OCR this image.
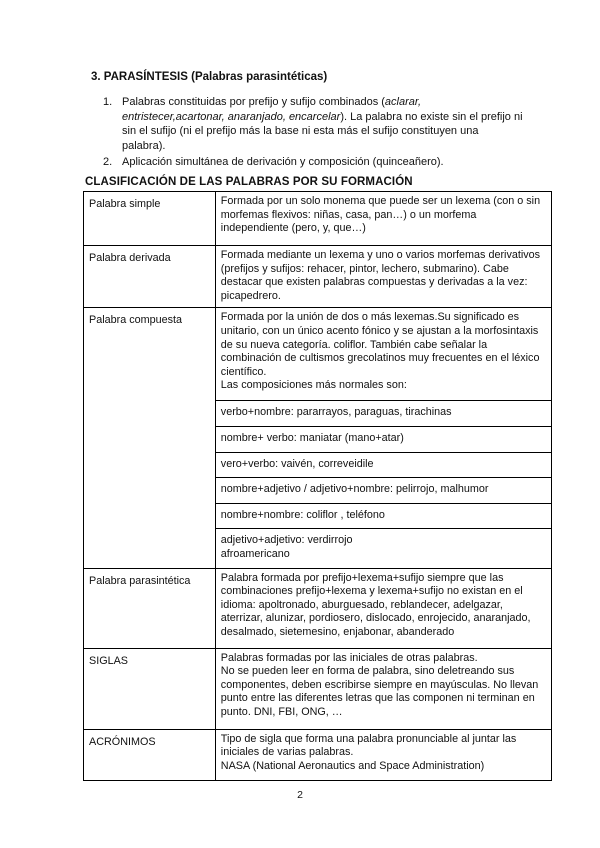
3. PARASÍNTESIS (Palabras parasintéticas)
1. Palabras constituidas por prefijo y sufijo combinados (aclarar, entristecer,acartonar, anaranjado, encarcelar). La palabra no existe sin el prefijo ni sin el sufijo (ni el prefijo más la base ni esta más el sufijo constituyen una palabra).
2. Aplicación simultánea de derivación y composición (quinceañero).
CLASIFICACIÓN DE LAS PALABRAS POR SU FORMACIÓN
Palabra simple	Formada por un solo monema que puede ser un lexema (con o sin morfemas flexivos: niñas, casa, pan…) o un morfema independiente (pero, y, que…)
Palabra derivada	Formada mediante un lexema y uno o varios morfemas derivativos (prefijos y sufijos: rehacer, pintor, lechero, submarino). Cabe destacar que existen palabras compuestas y derivadas a la vez: picapedrero.
Palabra compuesta	Formada por la unión de dos o más lexemas.Su significado es unitario, con un único acento fónico y se ajustan a la morfosintaxis de su nueva categoría. coliflor. También cabe señalar la combinación de cultismos grecolatinos muy frecuentes en el léxico científico.
Las composiciones más normales son:
	verbo+nombre: pararrayos, paraguas, tirachinas
	nombre+ verbo: maniatar (mano+atar)
	vero+verbo: vaivén, correveidile
	nombre+adjetivo / adjetivo+nombre: pelirrojo, malhumor
	nombre+nombre: coliflor , teléfono
	adjetivo+adjetivo: verdirrojo
afroamericano
Palabra parasintética	Palabra formada por prefijo+lexema+sufijo siempre que las combinaciones prefijo+lexema y lexema+sufijo no existan en el idioma: apoltronado, aburguesado, reblandecer, adelgazar, aterrizar, alunizar, pordiosero, dislocado, enrojecido, anaranjado, desalmado, sietemesino, enjabonar, abanderado
SIGLAS	Palabras formadas por las iniciales de otras palabras.
No se pueden leer en forma de palabra, sino deletreando sus componentes, deben escribirse siempre en mayúsculas. No llevan punto entre las diferentes letras que las componen ni terminan en punto. DNI, FBI, ONG, …
ACRÓNIMOS	Tipo de sigla que forma una palabra pronunciable al juntar las iniciales de varias palabras.
NASA (National Aeronautics and Space Administration)
2
